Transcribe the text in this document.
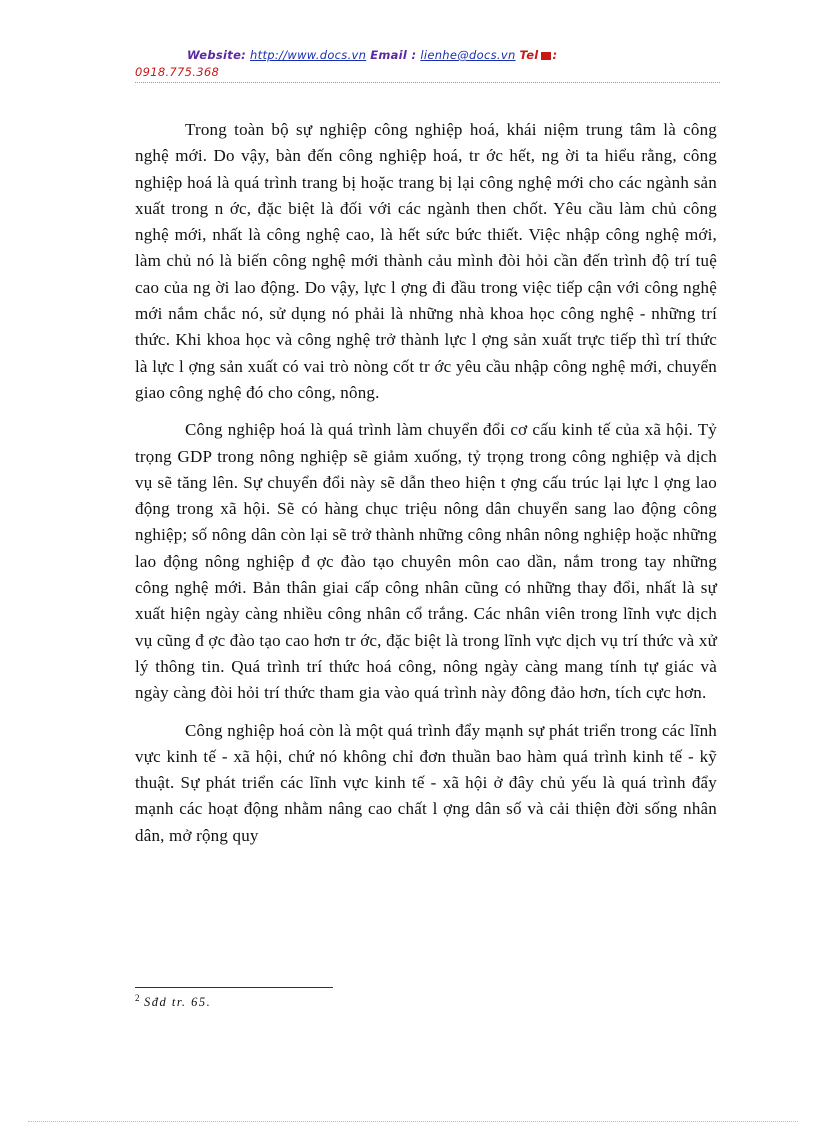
Website: http://www.docs.vn Email : lienhe@docs.vn Tel :
0918.775.368

Trong toàn bộ sự nghiệp công nghiệp hoá, khái niệm trung tâm là công nghệ mới. Do vậy, bàn đến công nghiệp hoá, tr ớc hết, ng ời ta hiểu rằng, công nghiệp hoá là quá trình trang bị hoặc trang bị lại công nghệ mới cho các ngành sản xuất trong n ớc, đặc biệt là đối với các ngành then chốt. Yêu cầu làm chủ công nghệ mới, nhất là công nghệ cao, là hết sức bức thiết. Việc nhập công nghệ mới, làm chủ nó là biến công nghệ mới thành cảu mình đòi hỏi cần đến trình độ trí tuệ cao của ng ời lao động. Do vậy, lực l ợng đi đầu trong việc tiếp cận với công nghệ mới nắm chắc nó, sử dụng nó phải là những nhà khoa học công nghệ - những trí thức. Khi khoa học và công nghệ trở thành lực l ợng sản xuất trực tiếp thì trí thức là lực l ợng sản xuất có vai trò nòng cốt tr ớc yêu cầu nhập công nghệ mới, chuyển giao công nghệ đó cho công, nông.

Công nghiệp hoá là quá trình làm chuyển đổi cơ cấu kinh tế của xã hội. Tỷ trọng GDP trong nông nghiệp sẽ giảm xuống, tỷ trọng trong công nghiệp và dịch vụ sẽ tăng lên. Sự chuyển đổi này sẽ dẫn theo hiện t ợng cấu trúc lại lực l ợng lao động trong xã hội. Sẽ có hàng chục triệu nông dân chuyển sang lao động công nghiệp; số nông dân còn lại sẽ trở thành những công nhân nông nghiệp hoặc những lao động nông nghiệp đ ợc đào tạo chuyên môn cao dần, nắm trong tay những công nghệ mới. Bản thân giai cấp công nhân cũng có những thay đổi, nhất là sự xuất hiện ngày càng nhiều công nhân cổ trắng. Các nhân viên trong lĩnh vực dịch vụ cũng đ ợc đào tạo cao hơn tr ớc, đặc biệt là trong lĩnh vực dịch vụ trí thức và xử lý thông tin. Quá trình trí thức hoá công, nông ngày càng mang tính tự giác và ngày càng đòi hỏi trí thức tham gia vào quá trình này đông đảo hơn, tích cực hơn.

Công nghiệp hoá còn là một quá trình đẩy mạnh sự phát triển trong các lĩnh vực kinh tế - xã hội, chứ nó không chỉ đơn thuần bao hàm quá trình kinh tế - kỹ thuật. Sự phát triển các lĩnh vực kinh tế - xã hội ở đây chủ yếu là quá trình đẩy mạnh các hoạt động nhằm nâng cao chất l ợng dân số và cải thiện đời sống nhân dân, mở rộng quy

$^2$ Sđd tr. 65.
